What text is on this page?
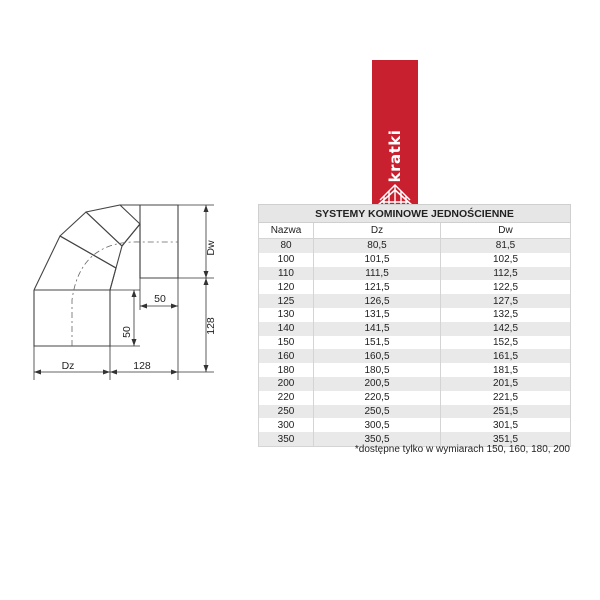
Dw
128
50
50
Dz	128
kratki
SYSTEMY KOMINOWE JEDNOŚCIENNE		
Nazwa	Dz	Dw
80	80,5	81,5
100	101,5	102,5
110	111,5	112,5
120	121,5	122,5
125	126,5	127,5
130	131,5	132,5
140	141,5	142,5
150	151,5	152,5
160	160,5	161,5
180	180,5	181,5
200	200,5	201,5
220	220,5	221,5
250	250,5	251,5
300	300,5	301,5
350	350,5	351,5
*dostępne tylko w wymiarach 150, 160, 180, 200
